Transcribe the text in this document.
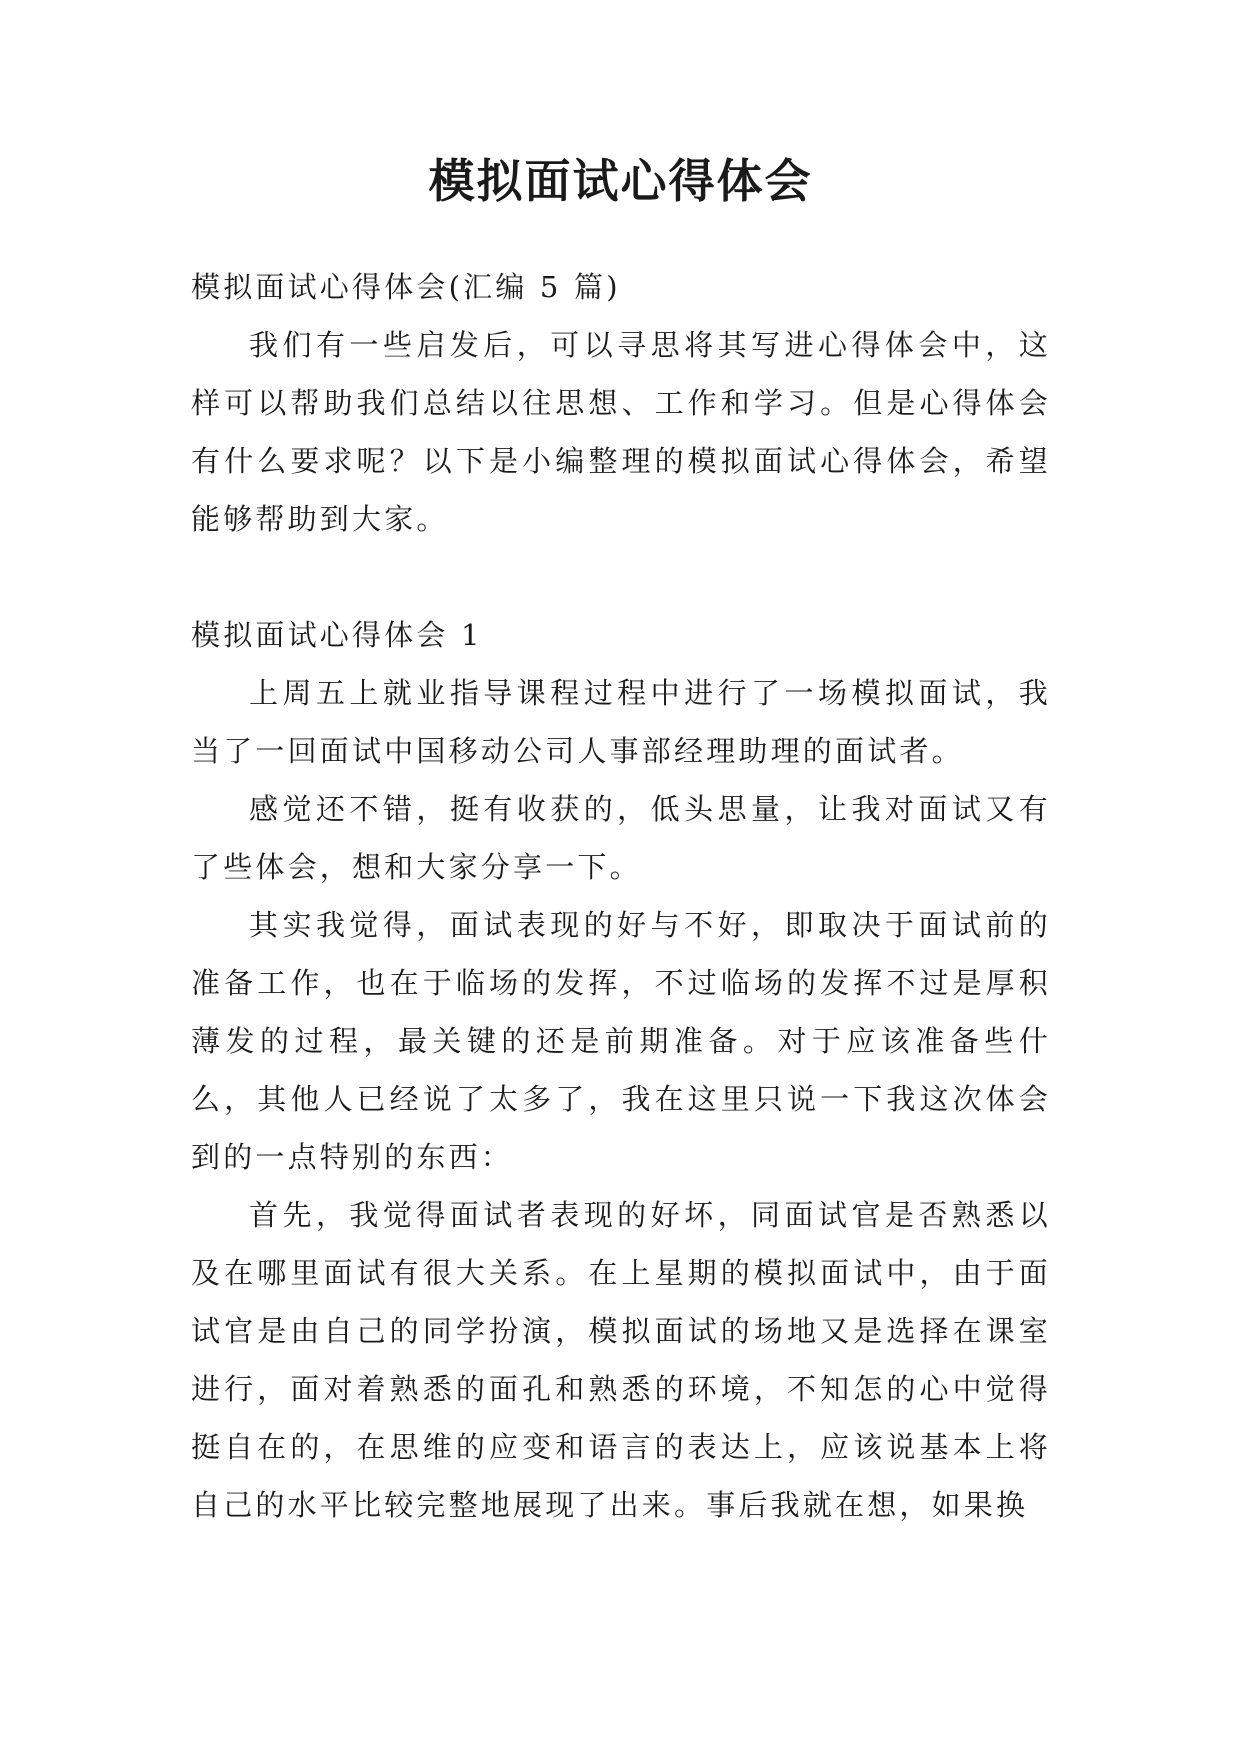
模拟面试心得体会

模拟面试心得体会(汇编 5 篇)

我们有一些启发后，可以寻思将其写进心得体会中，这样可以帮助我们总结以往思想、工作和学习。但是心得体会有什么要求呢？以下是小编整理的模拟面试心得体会，希望能够帮助到大家。

模拟面试心得体会 1

上周五上就业指导课程过程中进行了一场模拟面试，我当了一回面试中国移动公司人事部经理助理的面试者。

感觉还不错，挺有收获的，低头思量，让我对面试又有了些体会，想和大家分享一下。

其实我觉得，面试表现的好与不好，即取决于面试前的准备工作，也在于临场的发挥，不过临场的发挥不过是厚积薄发的过程，最关键的还是前期准备。对于应该准备些什么，其他人已经说了太多了，我在这里只说一下我这次体会到的一点特别的东西：

首先，我觉得面试者表现的好坏，同面试官是否熟悉以及在哪里面试有很大关系。在上星期的模拟面试中，由于面试官是由自己的同学扮演，模拟面试的场地又是选择在课室进行，面对着熟悉的面孔和熟悉的环境，不知怎的心中觉得挺自在的，在思维的应变和语言的表达上，应该说基本上将自己的水平比较完整地展现了出来。事后我就在想，如果换
